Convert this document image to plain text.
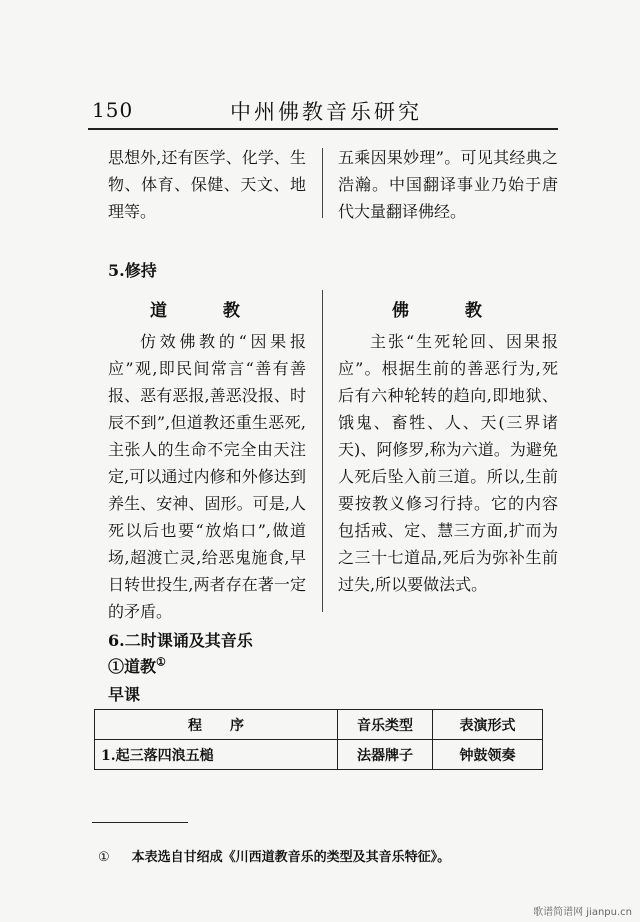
150	中州佛教音乐研究
思想外,还有医学、化学、生物、体育、保健、天文、地理等。
五乘因果妙理”。可见其经典之浩瀚。中国翻译事业乃始于唐代大量翻译佛经。
5.修持
道	教	佛	教

仿效佛教的“因果报应”观,即民间常言“善有善报、恶有恶报,善恶没报、时辰不到”,但道教还重生恶死,主张人的生命不完全由天注定,可以通过内修和外修达到养生、安神、固形。可是,人死以后也要“放焰口”,做道场,超渡亡灵,给恶鬼施食,早日转世投生,两者存在著一定的矛盾。

主张“生死轮回、因果报应”。根据生前的善恶行为,死后有六种轮转的趋向,即地狱、饿鬼、畜牲、人、天(三界诸天)、阿修罗,称为六道。为避免人死后坠入前三道。所以,生前要按教义修习行持。它的内容包括戒、定、慧三方面,扩而为之三十七道品,死后为弥补生前过失,所以要做法式。

6.二时课诵及其音乐
①道教①
早课
程　　序	音乐类型	表演形式
1.起三落四浪五槌	法器牌子	钟鼓领奏
① 本表选自甘绍成《川西道教音乐的类型及其音乐特征》。
歌谱简谱网 jianpu.cn
